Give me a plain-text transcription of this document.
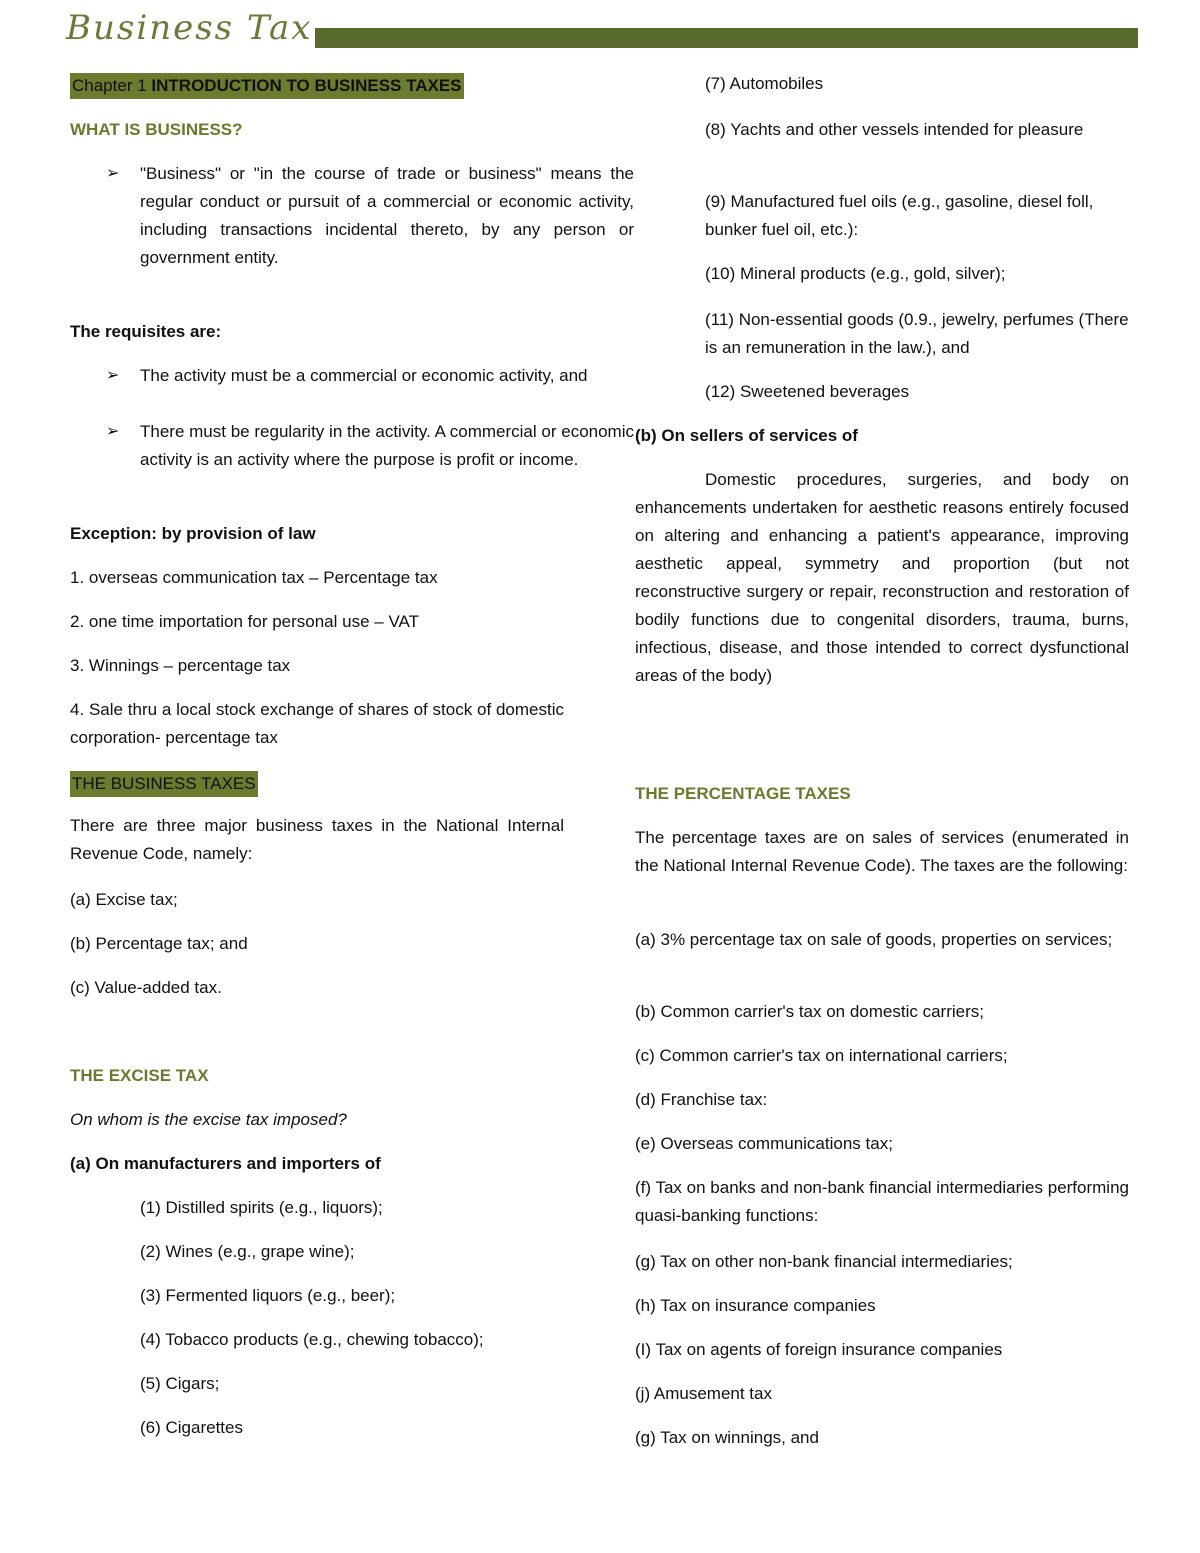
Business Tax
Chapter 1 INTRODUCTION TO BUSINESS TAXES
WHAT IS BUSINESS?
➢ "Business" or "in the course of trade or business" means the regular conduct or pursuit of a commercial or economic activity, including transactions incidental thereto, by any person or government entity.
The requisites are:
➢ The activity must be a commercial or economic activity, and
➢ There must be regularity in the activity. A commercial or economic activity is an activity where the purpose is profit or income.
Exception: by provision of law
1. overseas communication tax – Percentage tax
2. one time importation for personal use – VAT
3. Winnings – percentage tax
4. Sale thru a local stock exchange of shares of stock of domestic corporation- percentage tax
THE BUSINESS TAXES
There are three major business taxes in the National Internal Revenue Code, namely:
(a) Excise tax;
(b) Percentage tax; and
(c) Value-added tax.
THE EXCISE TAX
On whom is the excise tax imposed?
(a) On manufacturers and importers of
(1) Distilled spirits (e.g., liquors);
(2) Wines (e.g., grape wine);
(3) Fermented liquors (e.g., beer);
(4) Tobacco products (e.g., chewing tobacco);
(5) Cigars;
(6) Cigarettes
(7) Automobiles
(8) Yachts and other vessels intended for pleasure
(9) Manufactured fuel oils (e.g., gasoline, diesel foll, bunker fuel oil, etc.):
(10) Mineral products (e.g., gold, silver);
(11) Non-essential goods (0.9., jewelry, perfumes (There is an remuneration in the law.), and
(12) Sweetened beverages
(b) On sellers of services of
Domestic procedures, surgeries, and body on enhancements undertaken for aesthetic reasons entirely focused on altering and enhancing a patient's appearance, improving aesthetic appeal, symmetry and proportion (but not reconstructive surgery or repair, reconstruction and restoration of bodily functions due to congenital disorders, trauma, burns, infectious, disease, and those intended to correct dysfunctional areas of the body)
THE PERCENTAGE TAXES
The percentage taxes are on sales of services (enumerated in the National Internal Revenue Code). The taxes are the following:
(a) 3% percentage tax on sale of goods, properties on services;
(b) Common carrier's tax on domestic carriers;
(c) Common carrier's tax on international carriers;
(d) Franchise tax:
(e) Overseas communications tax;
(f) Tax on banks and non-bank financial intermediaries performing quasi-banking functions:
(g) Tax on other non-bank financial intermediaries;
(h) Tax on insurance companies
(I) Tax on agents of foreign insurance companies
(j) Amusement tax
(g) Tax on winnings, and
